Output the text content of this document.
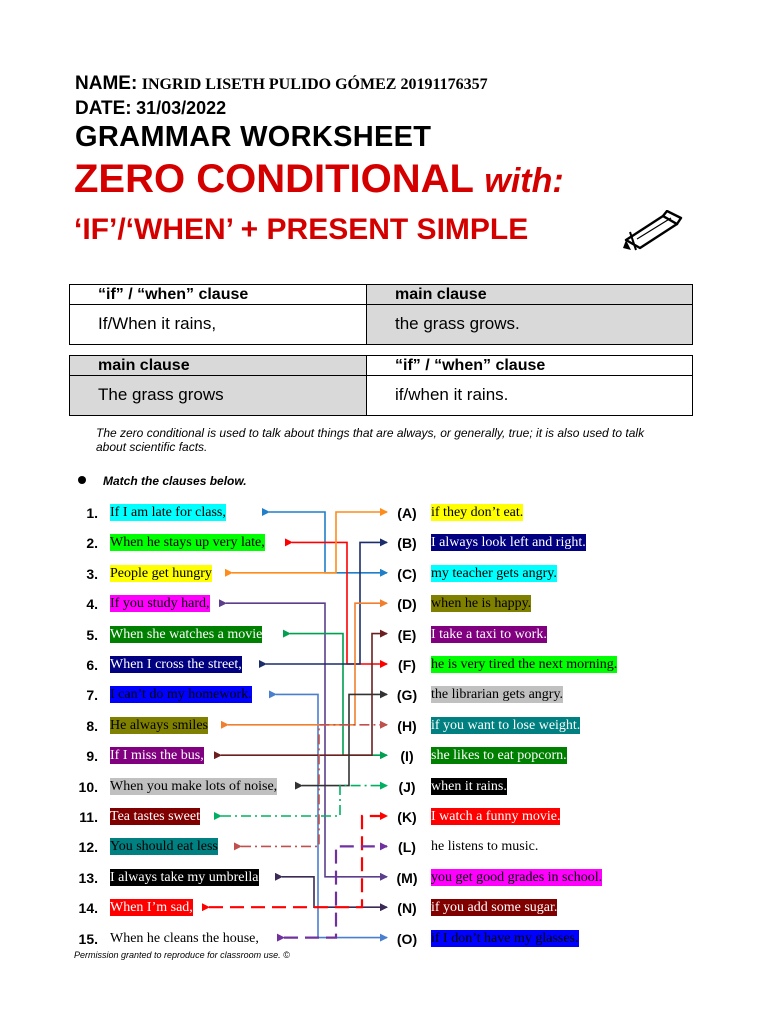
NAME: INGRID LISETH PULIDO GÓMEZ 20191176357
DATE: 31/03/2022
GRAMMAR WORKSHEET
ZERO CONDITIONAL with:
‘IF’/‘WHEN’ + PRESENT SIMPLE
“if” / “when” clause	main clause
If/When it rains,	the grass grows.
main clause	“if” / “when” clause
The grass grows	if/when it rains.
The zero conditional is used to talk about things that are always, or generally, true; it is also used to talk about scientific facts.
Match the clauses below.
1. If I am late for class,
2. When he stays up very late,
3. People get hungry
4. If you study hard,
5. When she watches a movie
6. When I cross the street,
7. I can’t do my homework.
8. He always smiles
9. If I miss the bus,
10. When you make lots of noise,
11. Tea tastes sweet
12. You should eat less
13. I always take my umbrella
14. When I’m sad,
15. When he cleans the house,
(A)	if they don’t eat.
(B)	I always look left and right.
(C)	my teacher gets angry.
(D)	when he is happy.
(E)	I take a taxi to work.
(F)	he is very tired the next morning.
(G) the librarian gets angry.
(H)	if you want to lose weight.
(I)	she likes to eat popcorn.
(J)	when it rains.
(K)	I watch a funny movie.
(L)	he listens to music.
(M) you get good grades in school.
(N)	if you add some sugar.
(O) if I don’t have my glasses.
Permission granted to reproduce for classroom use. ©
